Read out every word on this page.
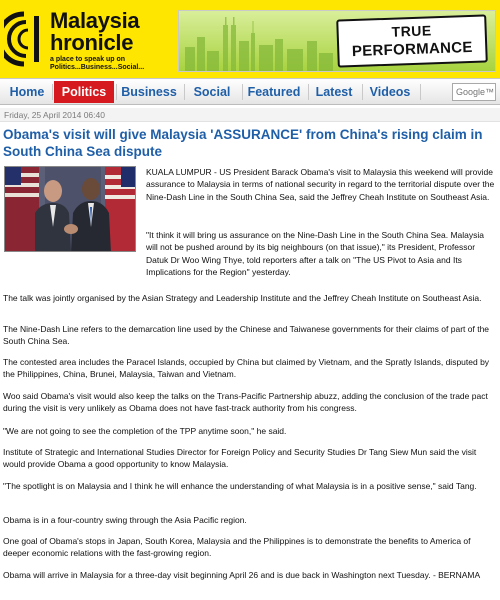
Malaysia
hronicle
a place to speak up on Politics...Business...Social...
TRUE
PERFORMANCE
Home	Politics	Business	Social	Featured	Latest	Videos
Google™ Custom
Friday, 25 April 2014 06:40
Obama's visit will give Malaysia 'ASSURANCE' from China's rising claim in South China Sea dispute

KUALA LUMPUR - US President Barack Obama's visit to Malaysia this weekend will provide assurance to Malaysia in terms of national security in regard to the territorial dispute over the Nine-Dash Line in the South China Sea, said the Jeffrey Cheah Institute on Southeast Asia.

"It think it will bring us assurance on the Nine-Dash Line in the South China Sea. Malaysia will not be pushed around by its big neighbours (on that issue)," its President, Professor Datuk Dr Woo Wing Thye, told reporters after a talk on "The US Pivot to Asia and Its Implications for the Region" yesterday.

The talk was jointly organised by the Asian Strategy and Leadership Institute and the Jeffrey Cheah Institute on Southeast Asia.

The Nine-Dash Line refers to the demarcation line used by the Chinese and Taiwanese governments for their claims of part of the South China Sea.

The contested area includes the Paracel Islands, occupied by China but claimed by Vietnam, and the Spratly Islands, disputed by the Philippines, China, Brunei, Malaysia, Taiwan and Vietnam.

Woo said Obama's visit would also keep the talks on the Trans-Pacific Partnership abuzz, adding the conclusion of the trade pact during the visit is very unlikely as Obama does not have fast-track authority from his congress.

"We are not going to see the completion of the TPP anytime soon," he said.

Institute of Strategic and International Studies Director for Foreign Policy and Security Studies Dr Tang Siew Mun said the visit would provide Obama a good opportunity to know Malaysia.

"The spotlight is on Malaysia and I think he will enhance the understanding of what Malaysia is in a positive sense," said Tang.

Obama is in a four-country swing through the Asia Pacific region.

One goal of Obama's stops in Japan, South Korea, Malaysia and the Philippines is to demonstrate the benefits to America of deeper economic relations with the fast-growing region.

Obama will arrive in Malaysia for a three-day visit beginning April 26 and is due back in Washington next Tuesday. - BERNAMA
